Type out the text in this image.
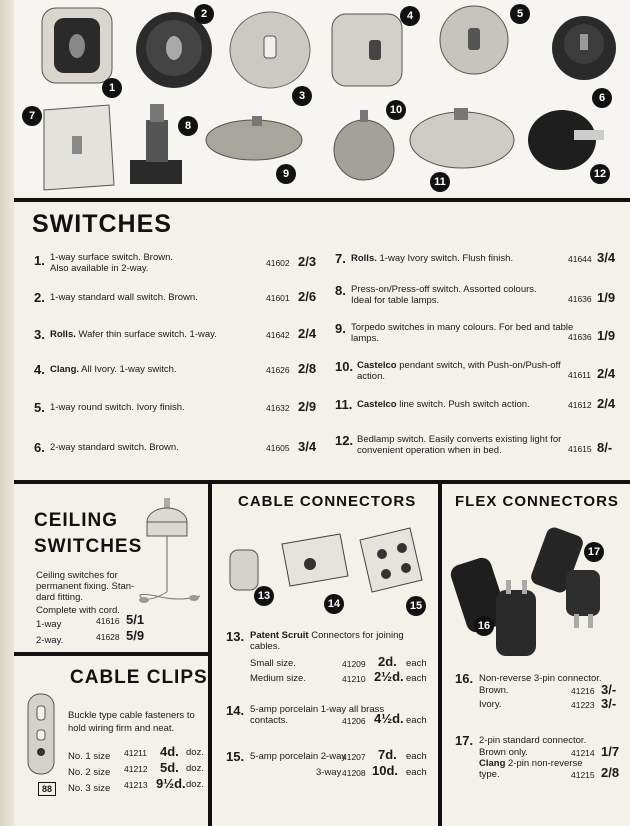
1
2
3
4	5
6
7
8
9
10
11
12
SWITCHES
1. 1-way surface switch. Brown.
Also available in 2-way.	41602 2/3
2. 1-way standard wall switch. Brown.	41601 2/6
3. Rolls. Wafer thin surface switch. 1-way.	41642 2/4
4. Clang. All Ivory. 1-way switch.	41626 2/8
5. 1-way round switch. Ivory finish.	41632 2/9
6. 2-way standard switch. Brown.	41605 3/4
7. Rolls. 1-way Ivory switch. Flush finish.	41644 3/4
8. Press-on/Press-off switch. Assorted colours.
Ideal for table lamps.	41636 1/9
9. Torpedo switches in many colours. For bed and table
lamps.	41636 1/9
10. Castelco pendant switch, with Push-on/Push-off
action.	41611 2/4
11. Castelco line switch. Push switch action.	41612 2/4
12. Bedlamp switch. Easily converts existing light for
convenient operation when in bed.	41615 8/-
CEILING
SWITCHES
Ceiling switches for
permanent fixing. Stan-
dard fitting.
Complete with cord.
1-way	41616 5/1
2-way.	41628 5/9
CABLE CLIPS
Buckle type cable fasteners to
hold wiring firm and neat.
No. 1 size 41211 4d. doz.
No. 2 size 41212 5d. doz.
No. 3 size 41213 9½d. doz.
88
CABLE CONNECTORS
13
14	15
13. Patent Scruit Connectors for joining
cables.
Small size.	41209 2d. each
Medium size.	41210 2½d. each
14. 5-amp porcelain 1-way all brass
contacts.	41206 4½d. each
15. 5-amp porcelain 2-way
41207 7d. each
3-way 41208 10d. each
FLEX CONNECTORS
16
17
16. Non-reverse 3-pin connector.
Brown.	41216 3/-
Ivory.	41223 3/-
17. 2-pin standard connector.
Brown only.	41214 1/7
Clang 2-pin non-reverse
type.	41215 2/8
